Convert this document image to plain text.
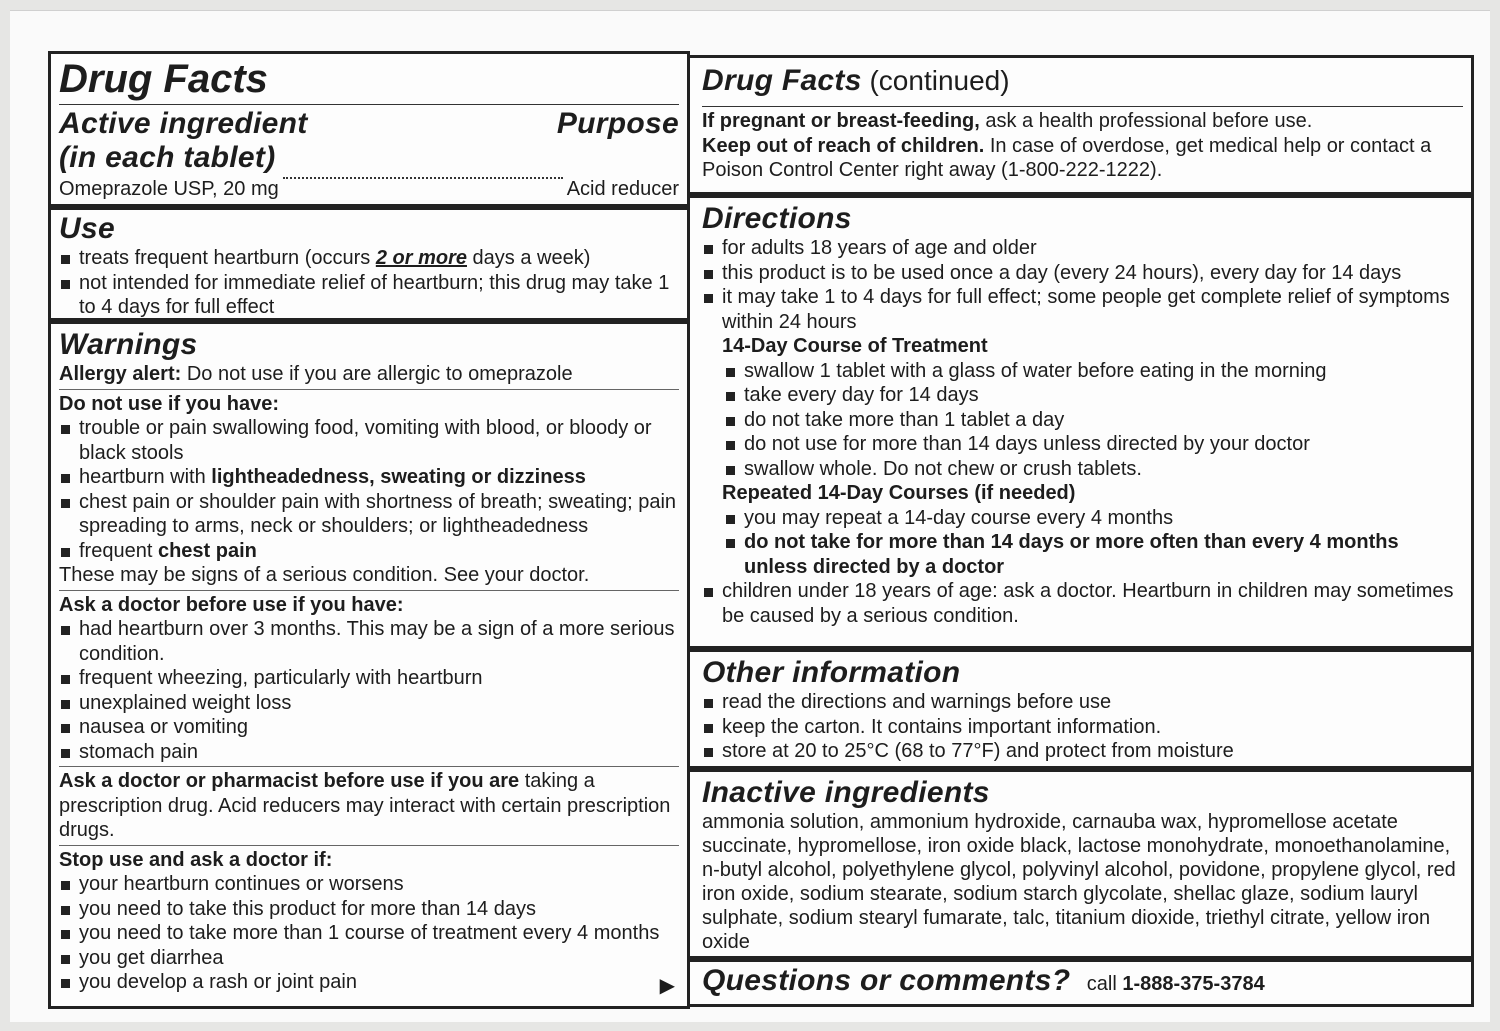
Drug Facts
Active ingredient
(in each tablet)
Purpose
Omeprazole USP, 20 mg	Acid reducer
Use
treats frequent heartburn (occurs 2 or more days a week)
not intended for immediate relief of heartburn; this drug may take 1 to 4 days for full effect
Warnings
Allergy alert: Do not use if you are allergic to omeprazole
Do not use if you have:
trouble or pain swallowing food, vomiting with blood, or bloody or black stools
heartburn with lightheadedness, sweating or dizziness
chest pain or shoulder pain with shortness of breath; sweating; pain spreading to arms, neck or shoulders; or lightheadedness
frequent chest pain
These may be signs of a serious condition. See your doctor.
Ask a doctor before use if you have:
had heartburn over 3 months. This may be a sign of a more serious condition.
frequent wheezing, particularly with heartburn
unexplained weight loss
nausea or vomiting
stomach pain
Ask a doctor or pharmacist before use if you are taking a prescription drug. Acid reducers may interact with certain prescription drugs.
Stop use and ask a doctor if:
your heartburn continues or worsens
you need to take this product for more than 14 days
you need to take more than 1 course of treatment every 4 months
you get diarrhea
you develop a rash or joint pain	▶
Drug Facts (continued)
If pregnant or breast-feeding, ask a health professional before use.
Keep out of reach of children. In case of overdose, get medical help or contact a Poison Control Center right away (1-800-222-1222).
Directions
for adults 18 years of age and older
this product is to be used once a day (every 24 hours), every day for 14 days
it may take 1 to 4 days for full effect; some people get complete relief of symptoms within 24 hours
14-Day Course of Treatment
swallow 1 tablet with a glass of water before eating in the morning
take every day for 14 days
do not take more than 1 tablet a day
do not use for more than 14 days unless directed by your doctor
swallow whole. Do not chew or crush tablets.
Repeated 14-Day Courses (if needed)
you may repeat a 14-day course every 4 months
do not take for more than 14 days or more often than every 4 months unless directed by a doctor
children under 18 years of age: ask a doctor. Heartburn in children may sometimes be caused by a serious condition.
Other information
read the directions and warnings before use
keep the carton. It contains important information.
store at 20 to 25°C (68 to 77°F) and protect from moisture
Inactive ingredients
ammonia solution, ammonium hydroxide, carnauba wax, hypromellose acetate succinate, hypromellose, iron oxide black, lactose monohydrate, monoethanolamine, n-butyl alcohol, polyethylene glycol, polyvinyl alcohol, povidone, propylene glycol, red iron oxide, sodium stearate, sodium starch glycolate, shellac glaze, sodium lauryl sulphate, sodium stearyl fumarate, talc, titanium dioxide, triethyl citrate, yellow iron oxide
Questions or comments? call 1-888-375-3784
